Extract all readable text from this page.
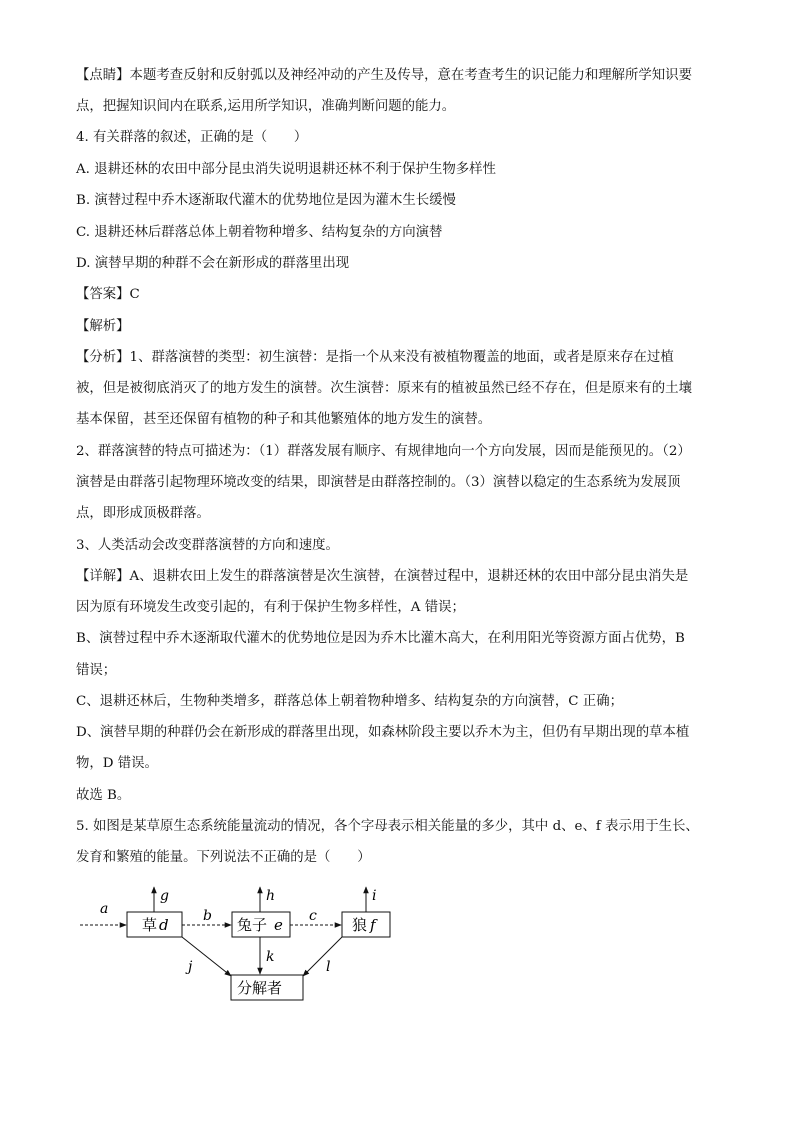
【点睛】本题考查反射和反射弧以及神经冲动的产生及传导，意在考查考生的识记能力和理解所学知识要
点，把握知识间内在联系,运用所学知识，准确判断问题的能力。
4. 有关群落的叙述，正确的是（　　）
A. 退耕还林的农田中部分昆虫消失说明退耕还林不利于保护生物多样性
B. 演替过程中乔木逐渐取代灌木的优势地位是因为灌木生长缓慢
C. 退耕还林后群落总体上朝着物种增多、结构复杂的方向演替
D. 演替早期的种群不会在新形成的群落里出现
【答案】C
【解析】
【分析】1、群落演替的类型：初生演替：是指一个从来没有被植物覆盖的地面，或者是原来存在过植
被，但是被彻底消灭了的地方发生的演替。次生演替：原来有的植被虽然已经不存在，但是原来有的土壤
基本保留，甚至还保留有植物的种子和其他繁殖体的地方发生的演替。
2、群落演替的特点可描述为：（1）群落发展有顺序、有规律地向一个方向发展，因而是能预见的。（2）
演替是由群落引起物理环境改变的结果，即演替是由群落控制的。（3）演替以稳定的生态系统为发展顶
点，即形成顶极群落。
3、人类活动会改变群落演替的方向和速度。
【详解】A、退耕农田上发生的群落演替是次生演替，在演替过程中，退耕还林的农田中部分昆虫消失是
因为原有环境发生改变引起的，有利于保护生物多样性，A 错误；
B、演替过程中乔木逐渐取代灌木的优势地位是因为乔木比灌木高大，在利用阳光等资源方面占优势，B
错误；
C、退耕还林后，生物种类增多，群落总体上朝着物种增多、结构复杂的方向演替，C 正确；
D、演替早期的种群仍会在新形成的群落里出现，如森林阶段主要以乔木为主，但仍有早期出现的草本植
物，D 错误。
故选 B。
5. 如图是某草原生态系统能量流动的情况，各个字母表示相关能量的多少，其中 d、e、f 表示用于生长、
发育和繁殖的能量。下列说法不正确的是（　　）
a
草 d	兔子 e	狼 f
分解者
b	c
g	h	i
j
k
l
